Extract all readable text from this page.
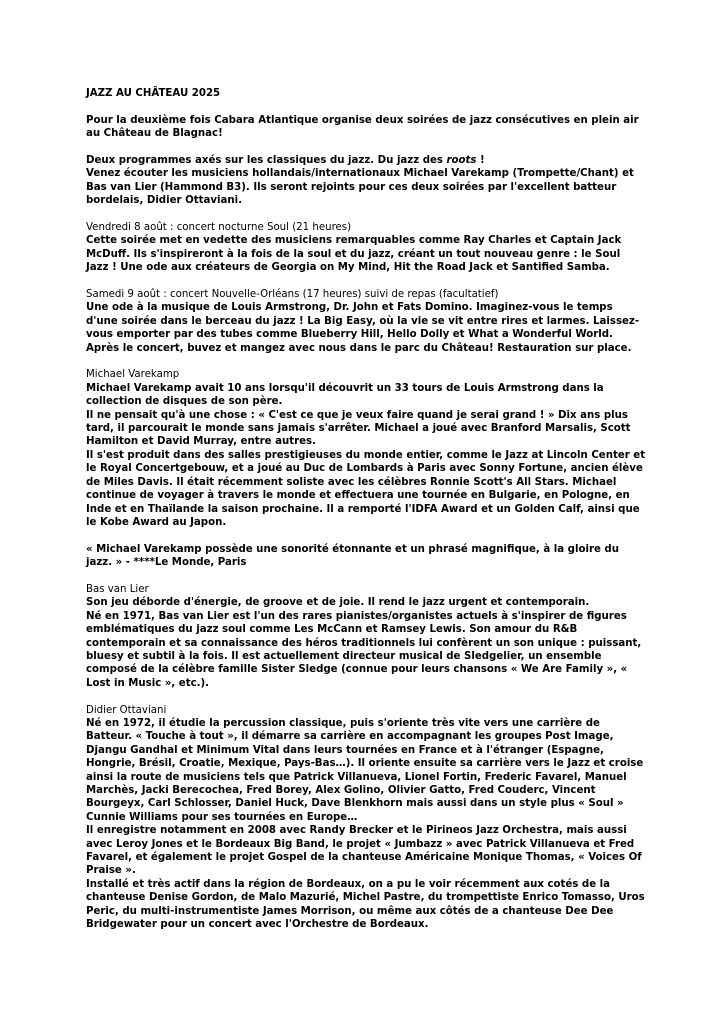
JAZZ AU CHÂTEAU 2025
Pour la deuxième fois Cabara Atlantique organise deux soirées de jazz consécutives en plein air au Château de Blagnac!

Deux programmes axés sur les classiques du jazz. Du jazz des roots !

Venez écouter les musiciens hollandais/internationaux Michael Varekamp (Trompette/Chant) et Bas van Lier (Hammond B3). Ils seront rejoints pour ces deux soirées par l'excellent batteur bordelais, Didier Ottaviani.

Vendredi 8 août : concert nocturne Soul (21 heures)

Cette soirée met en vedette des musiciens remarquables comme Ray Charles et Captain Jack McDuff. Ils s'inspireront à la fois de la soul et du jazz, créant un tout nouveau genre : le Soul Jazz ! Une ode aux créateurs de Georgia on My Mind, Hit the Road Jack et Santified Samba.

Samedi 9 août : concert Nouvelle-Orléans (17 heures) suivi de repas (facultatief)

Une ode à la musique de Louis Armstrong, Dr. John et Fats Domino. Imaginez-vous le temps d'une soirée dans le berceau du jazz ! La Big Easy, où la vie se vit entre rires et larmes. Laissez-vous emporter par des tubes comme Blueberry Hill, Hello Dolly et What a Wonderful World. Après le concert, buvez et mangez avec nous dans le parc du Château! Restauration sur place.

Michael Varekamp

Michael Varekamp avait 10 ans lorsqu'il découvrit un 33 tours de Louis Armstrong dans la collection de disques de son père.

Il ne pensait qu'à une chose : « C'est ce que je veux faire quand je serai grand ! » Dix ans plus tard, il parcourait le monde sans jamais s'arrêter. Michael a joué avec Branford Marsalis, Scott Hamilton et David Murray, entre autres.

Il s'est produit dans des salles prestigieuses du monde entier, comme le Jazz at Lincoln Center et le Royal Concertgebouw, et a joué au Duc de Lombards à Paris avec Sonny Fortune, ancien élève de Miles Davis. Il était récemment soliste avec les célèbres Ronnie Scott's All Stars. Michael continue de voyager à travers le monde et effectuera une tournée en Bulgarie, en Pologne, en Inde et en Thaïlande la saison prochaine. Il a remporté l'IDFA Award et un Golden Calf, ainsi que le Kobe Award au Japon.

« Michael Varekamp possède une sonorité étonnante et un phrasé magnifique, à la gloire du jazz. » - ****Le Monde, Paris

Bas van Lier

Son jeu déborde d'énergie, de groove et de joie. Il rend le jazz urgent et contemporain.

Né en 1971, Bas van Lier est l'un des rares pianistes/organistes actuels à s'inspirer de figures emblématiques du jazz soul comme Les McCann et Ramsey Lewis. Son amour du R&B contemporain et sa connaissance des héros traditionnels lui confèrent un son unique : puissant, bluesy et subtil à la fois. Il est actuellement directeur musical de Sledgelier, un ensemble composé de la célèbre famille Sister Sledge (connue pour leurs chansons « We Are Family », « Lost in Music », etc.).

Didier Ottaviani

Né en 1972, il étudie la percussion classique, puis s'oriente très vite vers une carrière de Batteur. « Touche à tout », il démarre sa carrière en accompagnant les groupes Post Image, Djangu Gandhal et Minimum Vital dans leurs tournées en France et à l'étranger (Espagne, Hongrie, Brésil, Croatie, Mexique, Pays-Bas…). Il oriente ensuite sa carrière vers le Jazz et croise ainsi la route de musiciens tels que Patrick Villanueva, Lionel Fortin, Frederic Favarel, Manuel Marchès, Jacki Berecochea, Fred Borey, Alex Golino, Olivier Gatto, Fred Couderc, Vincent Bourgeyx, Carl Schlosser, Daniel Huck, Dave Blenkhorn mais aussi dans un style plus « Soul » Cunnie Williams pour ses tournées en Europe…

Il enregistre notamment en 2008 avec Randy Brecker et le Pirineos Jazz Orchestra, mais aussi avec Leroy Jones et le Bordeaux Big Band, le projet « Jumbazz » avec Patrick Villanueva et Fred Favarel, et également le projet Gospel de la chanteuse Américaine Monique Thomas, « Voices Of Praise ».

Installé et très actif dans la région de Bordeaux, on a pu le voir récemment aux cotés de la chanteuse Denise Gordon, de Malo Mazurié, Michel Pastre, du trompettiste Enrico Tomasso, Uros Peric, du multi-instrumentiste James Morrison, ou même aux côtés de a chanteuse Dee Dee Bridgewater pour un concert avec l'Orchestre de Bordeaux.
